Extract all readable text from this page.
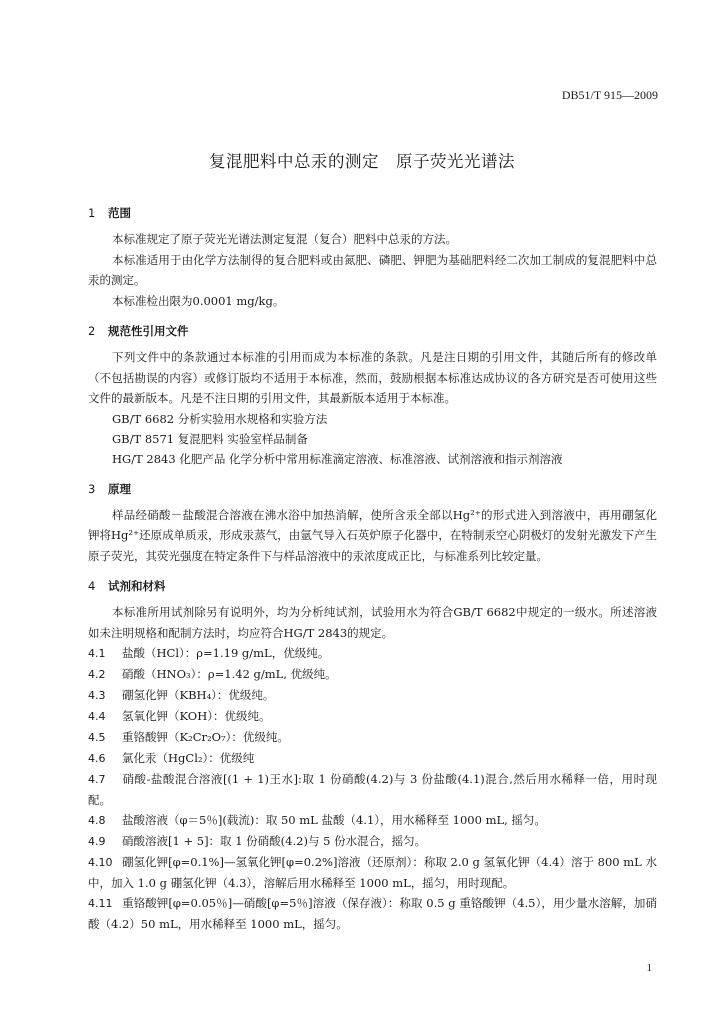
DB51/T 915—2009
复混肥料中总汞的测定　原子荧光光谱法

1 范围

本标准规定了原子荧光光谱法测定复混（复合）肥料中总汞的方法。

本标准适用于由化学方法制得的复合肥料或由氮肥、磷肥、钾肥为基础肥料经二次加工制成的复混肥料中总汞的测定。

本标准检出限为0.0001 mg/kg。

2 规范性引用文件

下列文件中的条款通过本标准的引用而成为本标准的条款。凡是注日期的引用文件，其随后所有的修改单（不包括勘误的内容）或修订版均不适用于本标准，然而，鼓励根据本标准达成协议的各方研究是否可使用这些文件的最新版本。凡是不注日期的引用文件，其最新版本适用于本标准。

GB/T 6682 分析实验用水规格和实验方法

GB/T 8571 复混肥料 实验室样品制备

HG/T 2843 化肥产品 化学分析中常用标准滴定溶液、标准溶液、试剂溶液和指示剂溶液

3 原理

样品经硝酸－盐酸混合溶液在沸水浴中加热消解，使所含汞全部以Hg²⁺的形式进入到溶液中，再用硼氢化钾将Hg²⁺还原成单质汞，形成汞蒸气，由氩气导入石英炉原子化器中，在特制汞空心阴极灯的发射光激发下产生原子荧光，其荧光强度在特定条件下与样品溶液中的汞浓度成正比，与标准系列比较定量。

4 试剂和材料

本标准所用试剂除另有说明外，均为分析纯试剂，试验用水为符合GB/T 6682中规定的一级水。所述溶液如未注明规格和配制方法时，均应符合HG/T 2843的规定。

4.1 盐酸（HCl）：ρ=1.19 g/mL，优级纯。

4.2 硝酸（HNO₃）：ρ=1.42 g/mL, 优级纯。

4.3 硼氢化钾（KBH₄）：优级纯。

4.4 氢氧化钾（KOH）：优级纯。

4.5 重铬酸钾（K₂Cr₂O₇）：优级纯。

4.6 氯化汞（HgCl₂）：优级纯

4.7 硝酸-盐酸混合溶液[(1 + 1)王水]:取 1 份硝酸(4.2)与 3 份盐酸(4.1)混合,然后用水稀释一倍，用时现配。

4.8 盐酸溶液（φ＝5％](载流)：取 50 mL 盐酸（4.1），用水稀释至 1000 mL, 摇匀。

4.9 硝酸溶液[1 + 5]：取 1 份硝酸(4.2)与 5 份水混合，摇匀。

4.10 硼氢化钾[φ=0.1%]—氢氧化钾[φ=0.2%]溶液（还原剂）：称取 2.0 g 氢氧化钾（4.4）溶于 800 mL 水中，加入 1.0 g 硼氢化钾（4.3），溶解后用水稀释至 1000 mL，摇匀，用时现配。

4.11 重铬酸钾[φ=0.05％]—硝酸[φ=5％]溶液（保存液）：称取 0.5 g 重铬酸钾（4.5），用少量水溶解，加硝酸（4.2）50 mL，用水稀释至 1000 mL，摇匀。

1
